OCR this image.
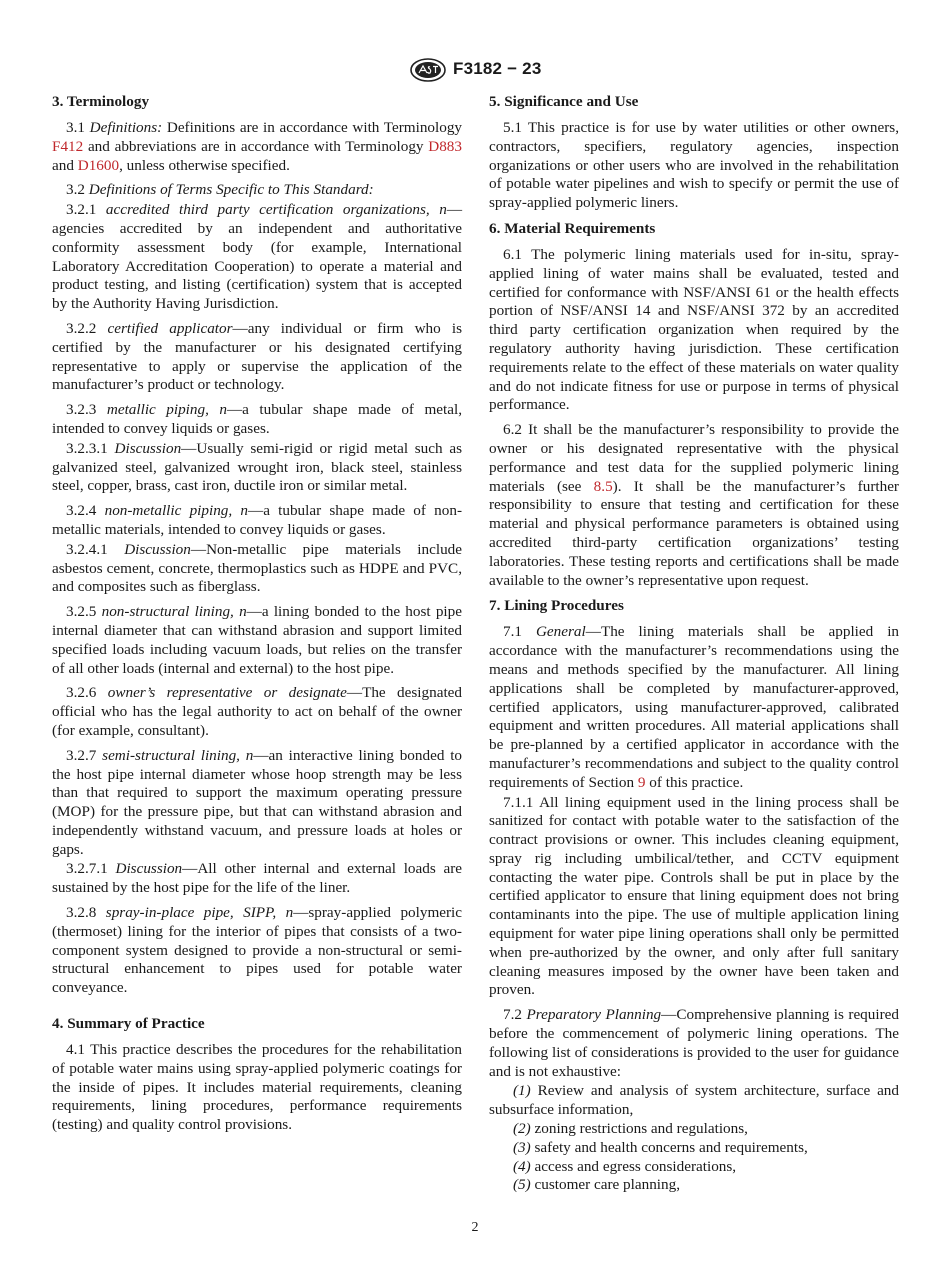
F3182 − 23
3. Terminology

3.1 Definitions: Definitions are in accordance with Terminology F412 and abbreviations are in accordance with Terminology D883 and D1600, unless otherwise specified.

3.2 Definitions of Terms Specific to This Standard:

3.2.1 accredited third party certification organizations, n—agencies accredited by an independent and authoritative conformity assessment body (for example, International Laboratory Accreditation Cooperation) to operate a material and product testing, and listing (certification) system that is accepted by the Authority Having Jurisdiction.

3.2.2 certified applicator—any individual or firm who is certified by the manufacturer or his designated certifying representative to apply or supervise the application of the manufacturer’s product or technology.

3.2.3 metallic piping, n—a tubular shape made of metal, intended to convey liquids or gases.

3.2.3.1 Discussion—Usually semi-rigid or rigid metal such as galvanized steel, galvanized wrought iron, black steel, stainless steel, copper, brass, cast iron, ductile iron or similar metal.

3.2.4 non-metallic piping, n—a tubular shape made of non-metallic materials, intended to convey liquids or gases.

3.2.4.1 Discussion—Non-metallic pipe materials include asbestos cement, concrete, thermoplastics such as HDPE and PVC, and composites such as fiberglass.

3.2.5 non-structural lining, n—a lining bonded to the host pipe internal diameter that can withstand abrasion and support limited specified loads including vacuum loads, but relies on the transfer of all other loads (internal and external) to the host pipe.

3.2.6 owner’s representative or designate—The designated official who has the legal authority to act on behalf of the owner (for example, consultant).

3.2.7 semi-structural lining, n—an interactive lining bonded to the host pipe internal diameter whose hoop strength may be less than that required to support the maximum operating pressure (MOP) for the pressure pipe, but that can withstand abrasion and independently withstand vacuum, and pressure loads at holes or gaps.

3.2.7.1 Discussion—All other internal and external loads are sustained by the host pipe for the life of the liner.

3.2.8 spray-in-place pipe, SIPP, n—spray-applied polymeric (thermoset) lining for the interior of pipes that consists of a two-component system designed to provide a non-structural or semi-structural enhancement to pipes used for potable water conveyance.

4. Summary of Practice

4.1 This practice describes the procedures for the rehabilitation of potable water mains using spray-applied polymeric coatings for the inside of pipes. It includes material requirements, cleaning requirements, lining procedures, performance requirements (testing) and quality control provisions.

5. Significance and Use

5.1 This practice is for use by water utilities or other owners, contractors, specifiers, regulatory agencies, inspection organizations or other users who are involved in the rehabilitation of potable water pipelines and wish to specify or permit the use of spray-applied polymeric liners.

6. Material Requirements

6.1 The polymeric lining materials used for in-situ, spray-applied lining of water mains shall be evaluated, tested and certified for conformance with NSF/ANSI 61 or the health effects portion of NSF/ANSI 14 and NSF/ANSI 372 by an accredited third party certification organization when required by the regulatory authority having jurisdiction. These certification requirements relate to the effect of these materials on water quality and do not indicate fitness for use or purpose in terms of physical performance.

6.2 It shall be the manufacturer’s responsibility to provide the owner or his designated representative with the physical performance and test data for the supplied polymeric lining materials (see 8.5). It shall be the manufacturer’s further responsibility to ensure that testing and certification for these material and physical performance parameters is obtained using accredited third-party certification organizations’ testing laboratories. These testing reports and certifications shall be made available to the owner’s representative upon request.

7. Lining Procedures

7.1 General—The lining materials shall be applied in accordance with the manufacturer’s recommendations using the means and methods specified by the manufacturer. All lining applications shall be completed by manufacturer-approved, certified applicators, using manufacturer-approved, calibrated equipment and written procedures. All material applications shall be pre-planned by a certified applicator in accordance with the manufacturer’s recommendations and subject to the quality control requirements of Section 9 of this practice.

7.1.1 All lining equipment used in the lining process shall be sanitized for contact with potable water to the satisfaction of the contract provisions or owner. This includes cleaning equipment, spray rig including umbilical/tether, and CCTV equipment contacting the water pipe. Controls shall be put in place by the certified applicator to ensure that lining equipment does not bring contaminants into the pipe. The use of multiple application lining equipment for water pipe lining operations shall only be permitted when pre-authorized by the owner, and only after full sanitary cleaning measures imposed by the owner have been taken and proven.

7.2 Preparatory Planning—Comprehensive planning is required before the commencement of polymeric lining operations. The following list of considerations is provided to the user for guidance and is not exhaustive:

(1) Review and analysis of system architecture, surface and subsurface information,

(2) zoning restrictions and regulations,

(3) safety and health concerns and requirements,

(4) access and egress considerations,

(5) customer care planning,

2
